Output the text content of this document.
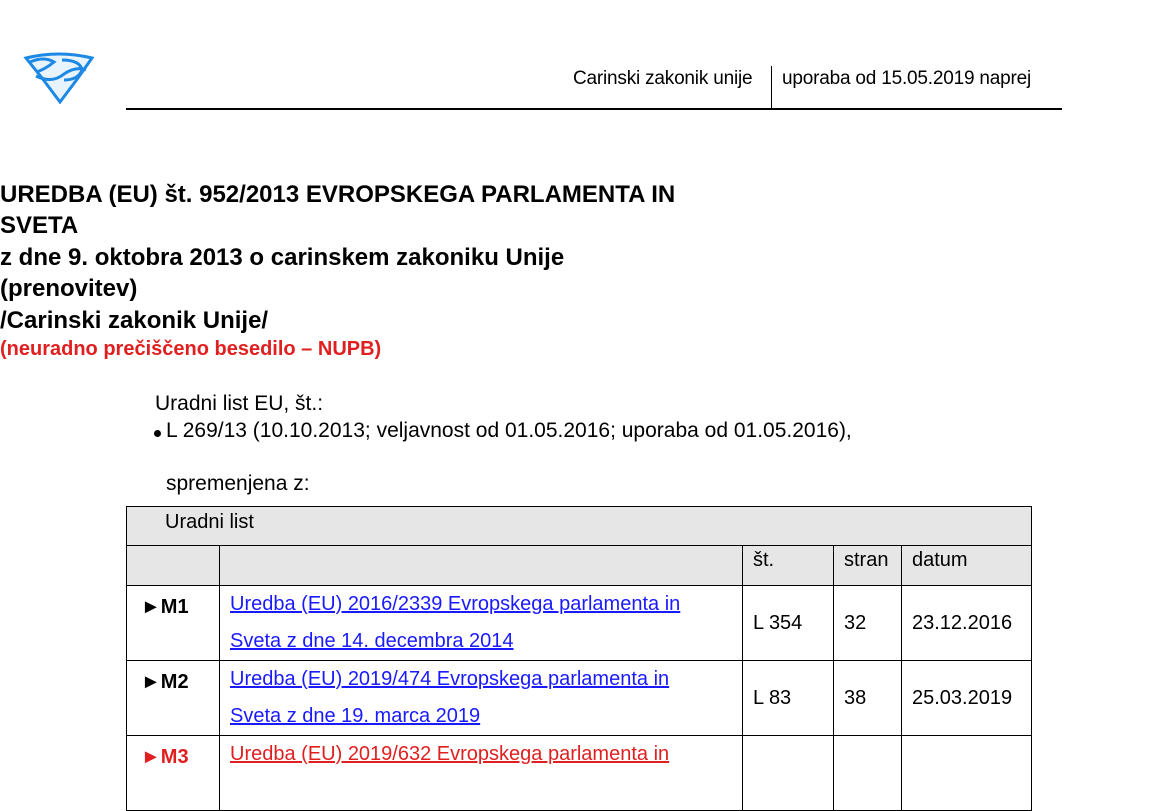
Carinski zakonik unije uporaba od 15.05.2019 naprej
UREDBA (EU) št. 952/2013 EVROPSKEGA PARLAMENTA IN
SVETA
z dne 9. oktobra 2013 o carinskem zakoniku Unije
(prenovitev)
/Carinski zakonik Unije/
(neuradno prečiščeno besedilo – NUPB)
Uradni list EU, št.:
L 269/13 (10.10.2013; veljavnost od 01.05.2016; uporaba od 01.05.2016),
spremenjena z:
Uradni list				
		št.	stran	datum
►M1	Uredba (EU) 2016/2339 Evropskega parlamenta in
Sveta z dne 14. decembra 2014	L 354	32	23.12.2016
►M2	Uredba (EU) 2019/474 Evropskega parlamenta in
Sveta z dne 19. marca 2019	L 83	38	25.03.2019
►M3	Uredba (EU) 2019/632 Evropskega parlamenta in			
